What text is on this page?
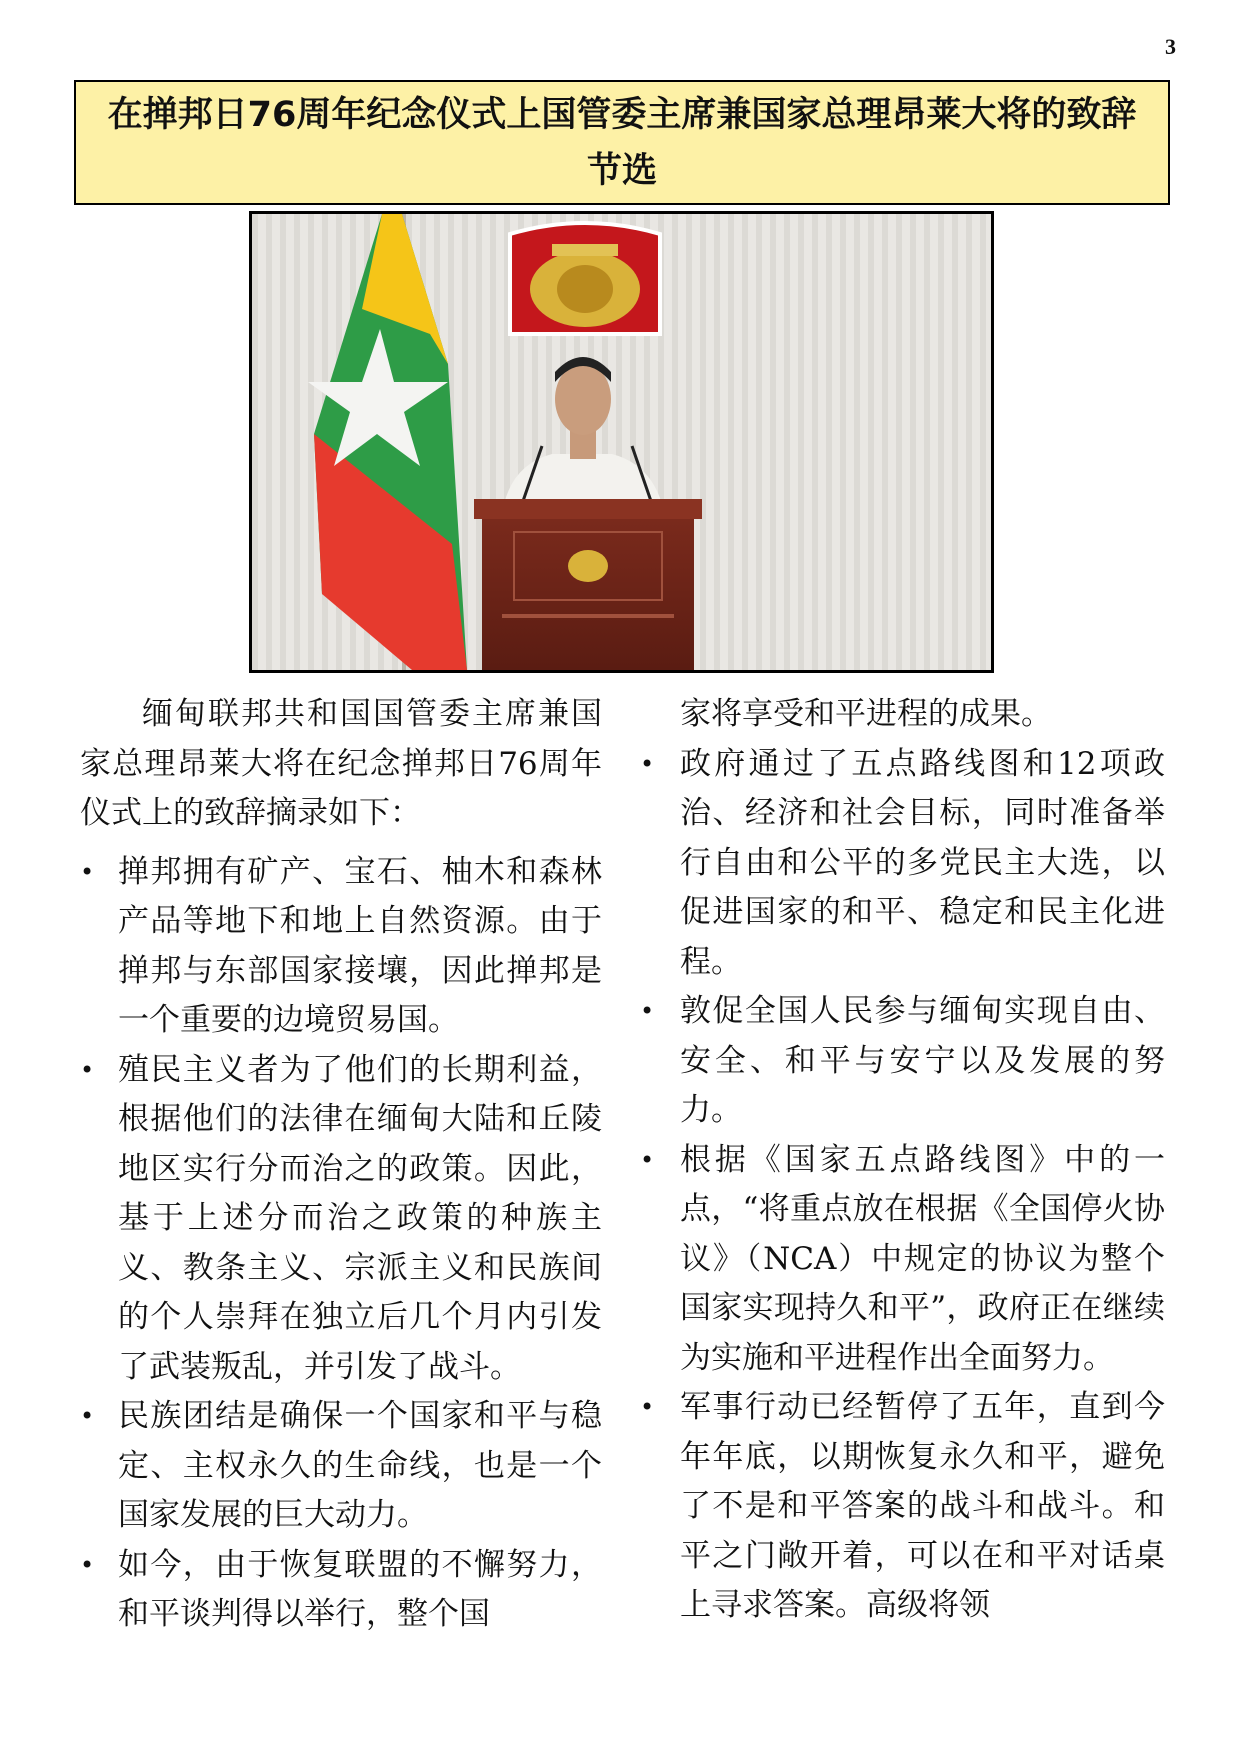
3
在掸邦日76周年纪念仪式上国管委主席兼国家总理昂莱大将的致辞节选

缅甸联邦共和国国管委主席兼国家总理昂莱大将在纪念掸邦日76周年仪式上的致辞摘录如下：

• 掸邦拥有矿产、宝石、柚木和森林产品等地下和地上自然资源。由于掸邦与东部国家接壤，因此掸邦是一个重要的边境贸易国。
• 殖民主义者为了他们的长期利益，根据他们的法律在缅甸大陆和丘陵地区实行分而治之的政策。因此，基于上述分而治之政策的种族主义、教条主义、宗派主义和民族间的个人崇拜在独立后几个月内引发了武装叛乱，并引发了战斗。
• 民族团结是确保一个国家和平与稳定、主权永久的生命线，也是一个国家发展的巨大动力。
• 如今，由于恢复联盟的不懈努力，和平谈判得以举行，整个国
家将享受和平进程的成果。
• 政府通过了五点路线图和12项政治、经济和社会目标，同时准备举行自由和公平的多党民主大选，以促进国家的和平、稳定和民主化进程。
• 敦促全国人民参与缅甸实现自由、安全、和平与安宁以及发展的努力。
• 根据《国家五点路线图》中的一点，“将重点放在根据《全国停火协议》（NCA）中规定的协议为整个国家实现持久和平”，政府正在继续为实施和平进程作出全面努力。
• 军事行动已经暂停了五年，直到今年年底，以期恢复永久和平，避免了不是和平答案的战斗和战斗。和平之门敞开着，可以在和平对话桌上寻求答案。高级将领
